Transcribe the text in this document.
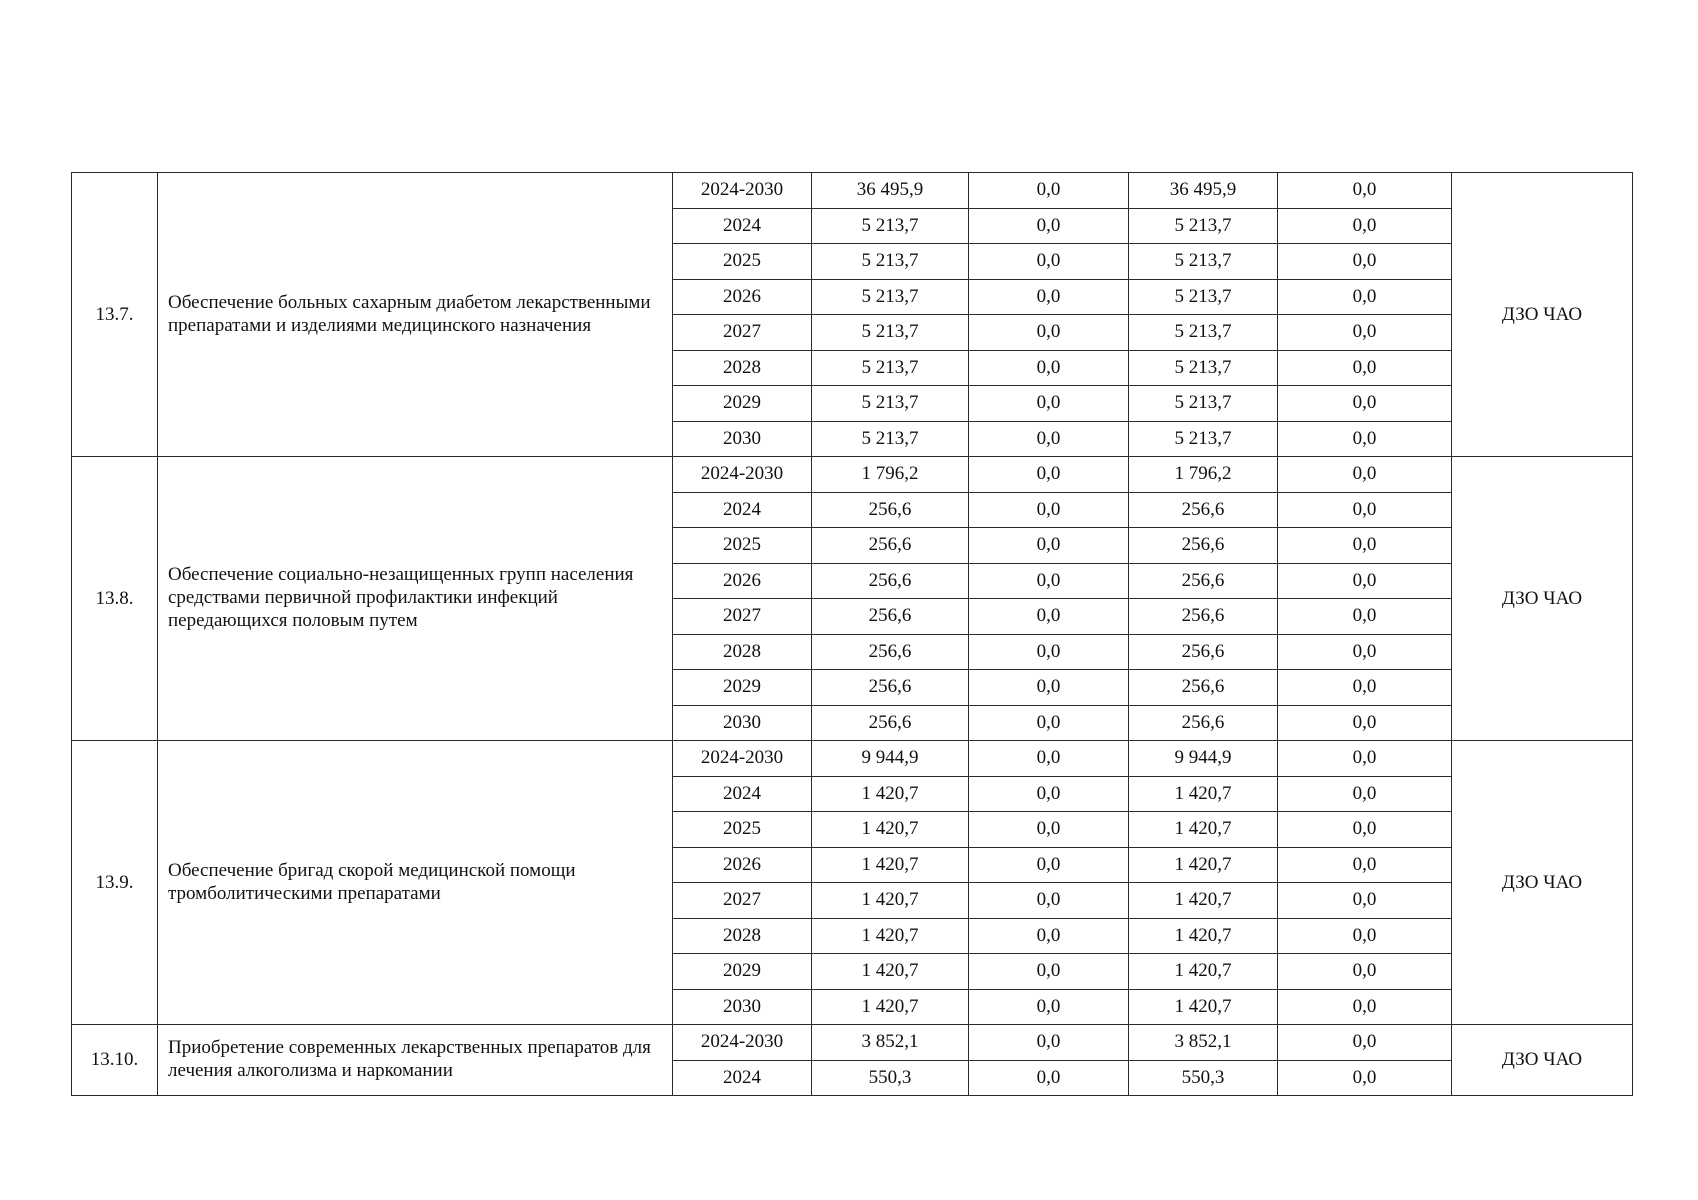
13.7.	Обеспечение больных сахарным диабетом лекарственными препаратами и изделиями медицинского назначения	2024-2030	36 495,9	0,0	36 495,9	0,0	ДЗО ЧАО
		2024	5 213,7	0,0	5 213,7	0,0	
		2025	5 213,7	0,0	5 213,7	0,0	
		2026	5 213,7	0,0	5 213,7	0,0	
		2027	5 213,7	0,0	5 213,7	0,0	
		2028	5 213,7	0,0	5 213,7	0,0	
		2029	5 213,7	0,0	5 213,7	0,0	
		2030	5 213,7	0,0	5 213,7	0,0	
13.8.	Обеспечение социально-незащищенных групп населения средствами первичной профилактики инфекций передающихся половым путем	2024-2030	1 796,2	0,0	1 796,2	0,0	ДЗО ЧАО
		2024	256,6	0,0	256,6	0,0	
		2025	256,6	0,0	256,6	0,0	
		2026	256,6	0,0	256,6	0,0	
		2027	256,6	0,0	256,6	0,0	
		2028	256,6	0,0	256,6	0,0	
		2029	256,6	0,0	256,6	0,0	
		2030	256,6	0,0	256,6	0,0	
13.9.	Обеспечение бригад скорой медицинской помощи тромболитическими препаратами	2024-2030	9 944,9	0,0	9 944,9	0,0	ДЗО ЧАО
		2024	1 420,7	0,0	1 420,7	0,0	
		2025	1 420,7	0,0	1 420,7	0,0	
		2026	1 420,7	0,0	1 420,7	0,0	
		2027	1 420,7	0,0	1 420,7	0,0	
		2028	1 420,7	0,0	1 420,7	0,0	
		2029	1 420,7	0,0	1 420,7	0,0	
		2030	1 420,7	0,0	1 420,7	0,0	
13.10.	Приобретение современных лекарственных препаратов для лечения алкоголизма и наркомании	2024-2030	3 852,1	0,0	3 852,1	0,0	ДЗО ЧАО
		2024	550,3	0,0	550,3	0,0	
